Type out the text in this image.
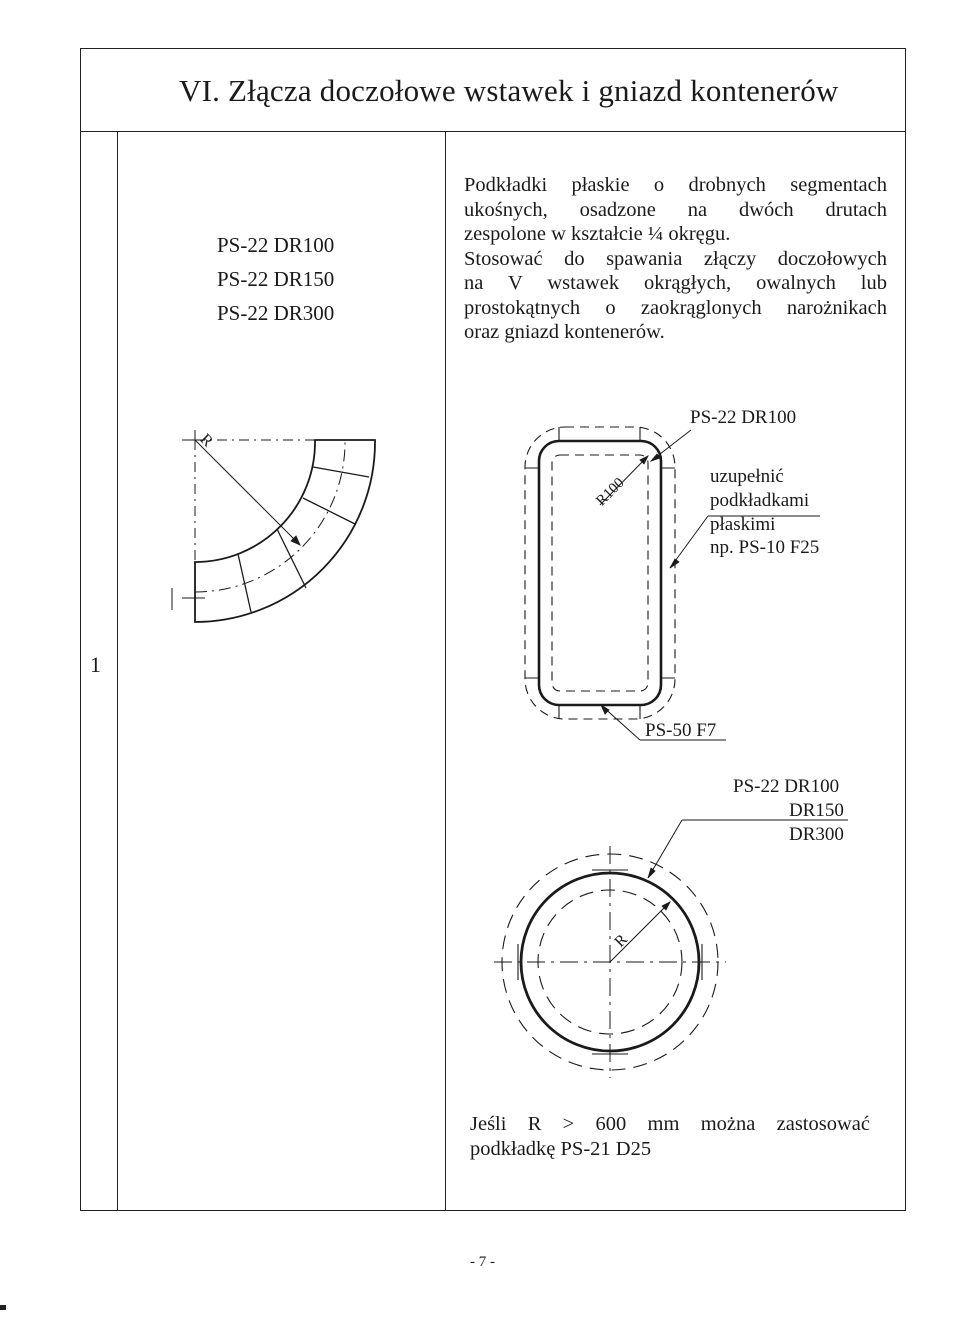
VI. Złącza doczołowe wstawek i gniazd kontenerów
1
PS-22 DR100
PS-22 DR150
PS-22 DR300
Podkładki płaskie o drobnych segmentach
ukośnych, osadzone na dwóch drutach
zespolone w kształcie ¼ okręgu.
Stosować do spawania złączy doczołowych
na V wstawek okrągłych, owalnych lub
prostokątnych o zaokrąglonych narożnikach
oraz gniazd kontenerów.
R
R100
R
PS-22 DR100
uzupełnić
podkładkami
płaskimi
np. PS-10 F25
PS-50 F7
PS-22 DR100
DR150
DR300
Jeśli R > 600 mm można zastosować
podkładkę PS-21 D25
- 7 -
